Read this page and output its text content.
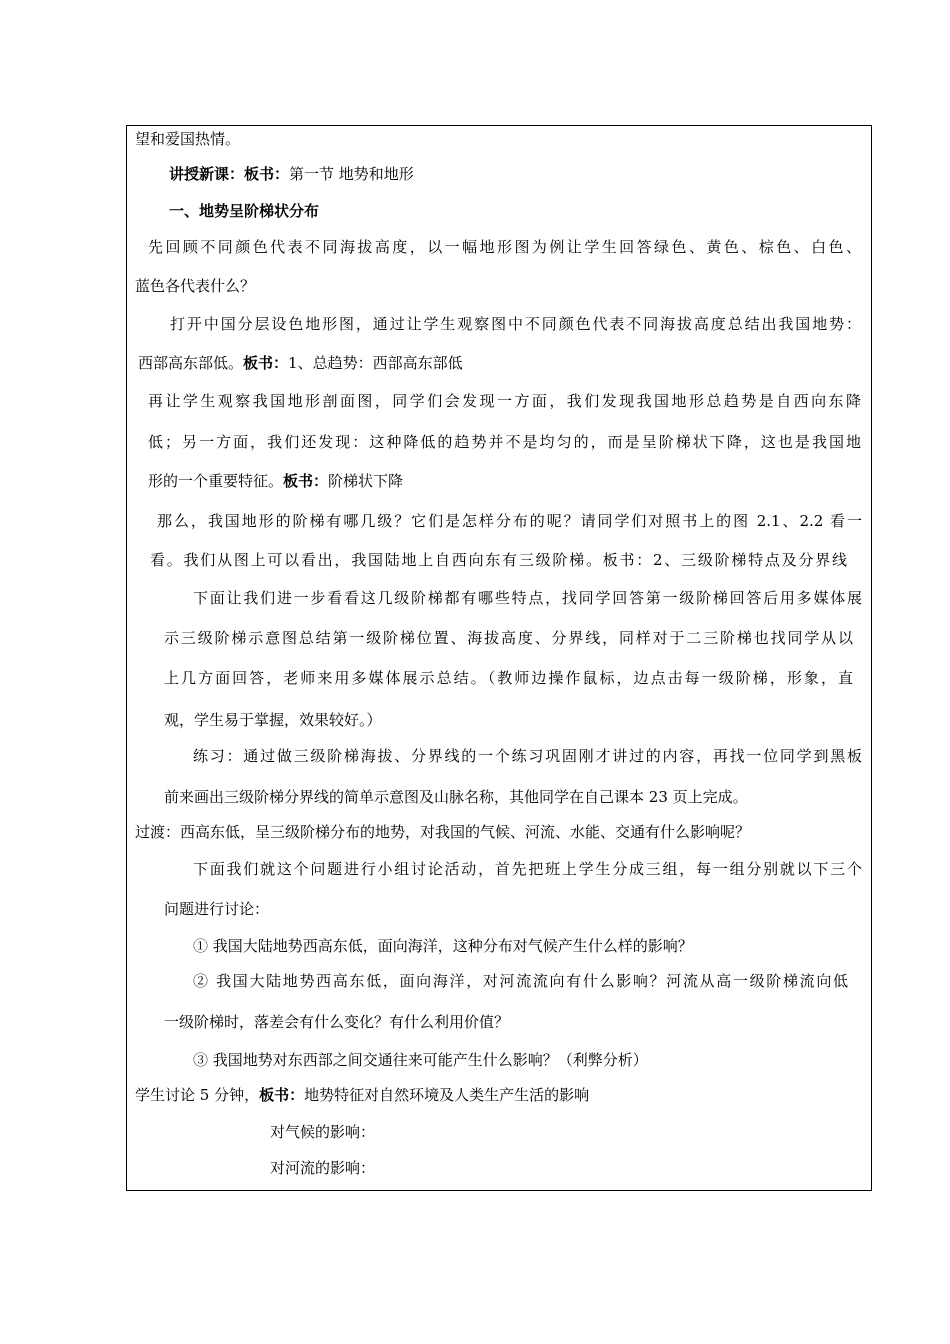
望和爱国热情。
讲授新课：板书：第一节 地势和地形
一、地势呈阶梯状分布
先回顾不同颜色代表不同海拔高度，以一幅地形图为例让学生回答绿色、黄色、棕色、白色、
蓝色各代表什么？
打开中国分层设色地形图，通过让学生观察图中不同颜色代表不同海拔高度总结出我国地势：
西部高东部低。板书：1、总趋势：西部高东部低
再让学生观察我国地形剖面图，同学们会发现一方面，我们发现我国地形总趋势是自西向东降
低；另一方面，我们还发现：这种降低的趋势并不是均匀的，而是呈阶梯状下降，这也是我国地
形的一个重要特征。板书：阶梯状下降
那么，我国地形的阶梯有哪几级？它们是怎样分布的呢？请同学们对照书上的图 2.1、2.2 看一
看。我们从图上可以看出，我国陆地上自西向东有三级阶梯。板书：2、三级阶梯特点及分界线
下面让我们进一步看看这几级阶梯都有哪些特点，找同学回答第一级阶梯回答后用多媒体展
示三级阶梯示意图总结第一级阶梯位置、海拔高度、分界线，同样对于二三阶梯也找同学从以
上几方面回答，老师来用多媒体展示总结。（教师边操作鼠标，边点击每一级阶梯，形象，直
观，学生易于掌握，效果较好。）
练习：通过做三级阶梯海拔、分界线的一个练习巩固刚才讲过的内容，再找一位同学到黑板
前来画出三级阶梯分界线的简单示意图及山脉名称，其他同学在自己课本 23 页上完成。
过渡：西高东低，呈三级阶梯分布的地势，对我国的气候、河流、水能、交通有什么影响呢？
下面我们就这个问题进行小组讨论活动，首先把班上学生分成三组，每一组分别就以下三个
问题进行讨论：
① 我国大陆地势西高东低，面向海洋，这种分布对气候产生什么样的影响？
② 我国大陆地势西高东低，面向海洋，对河流流向有什么影响？河流从高一级阶梯流向低
一级阶梯时，落差会有什么变化？有什么利用价值？
③ 我国地势对东西部之间交通往来可能产生什么影响？（利弊分析）
学生讨论 5 分钟，板书：地势特征对自然环境及人类生产生活的影响
对气候的影响：
对河流的影响：
